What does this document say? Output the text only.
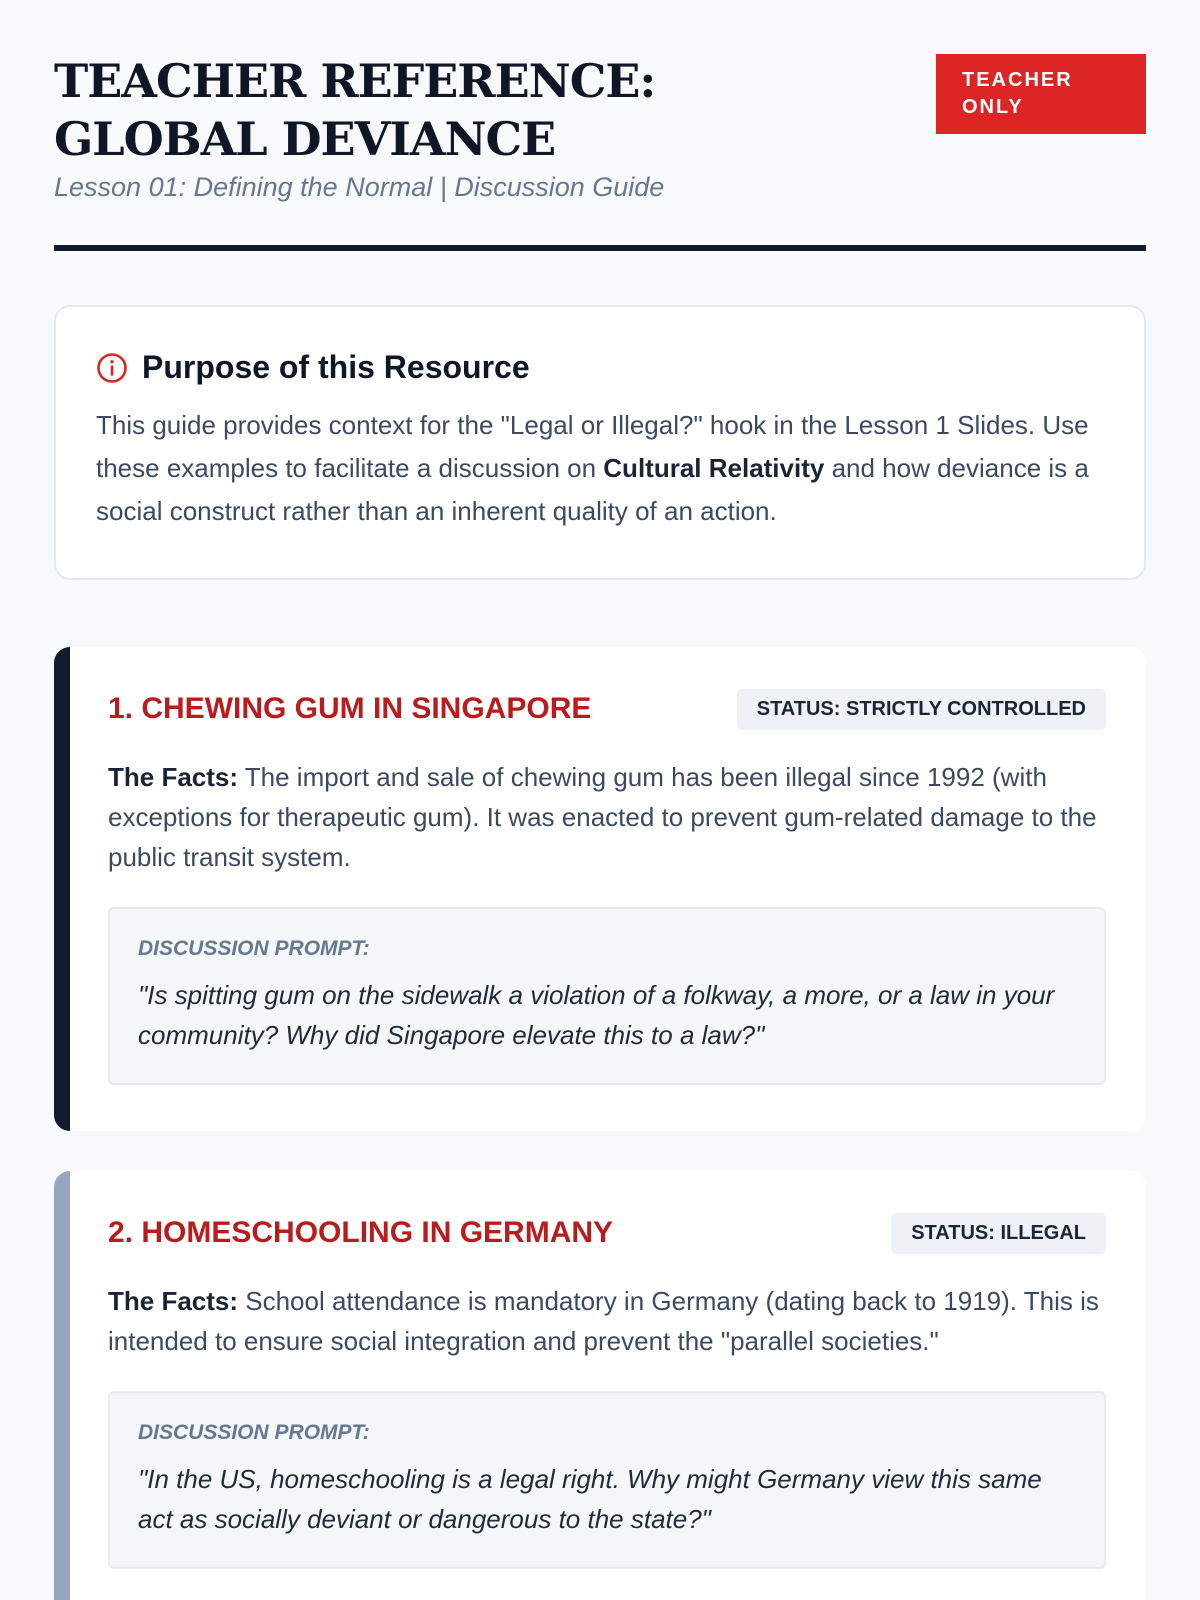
TEACHER REFERENCE: GLOBAL DEVIANCE
Lesson 01: Defining the Normal | Discussion Guide
TEACHER ONLY
Purpose of this Resource

This guide provides context for the "Legal or Illegal?" hook in the Lesson 1 Slides. Use these examples to facilitate a discussion on Cultural Relativity and how deviance is a social construct rather than an inherent quality of an action.

1. CHEWING GUM IN SINGAPORE	STATUS: STRICTLY CONTROLLED

The Facts: The import and sale of chewing gum has been illegal since 1992 (with exceptions for therapeutic gum). It was enacted to prevent gum-related damage to the public transit system.

DISCUSSION PROMPT:
"Is spitting gum on the sidewalk a violation of a folkway, a more, or a law in your community? Why did Singapore elevate this to a law?"
2. HOMESCHOOLING IN GERMANY	STATUS: ILLEGAL

The Facts: School attendance is mandatory in Germany (dating back to 1919). This is intended to ensure social integration and prevent the "parallel societies."

DISCUSSION PROMPT:
"In the US, homeschooling is a legal right. Why might Germany view this same act as socially deviant or dangerous to the state?"
